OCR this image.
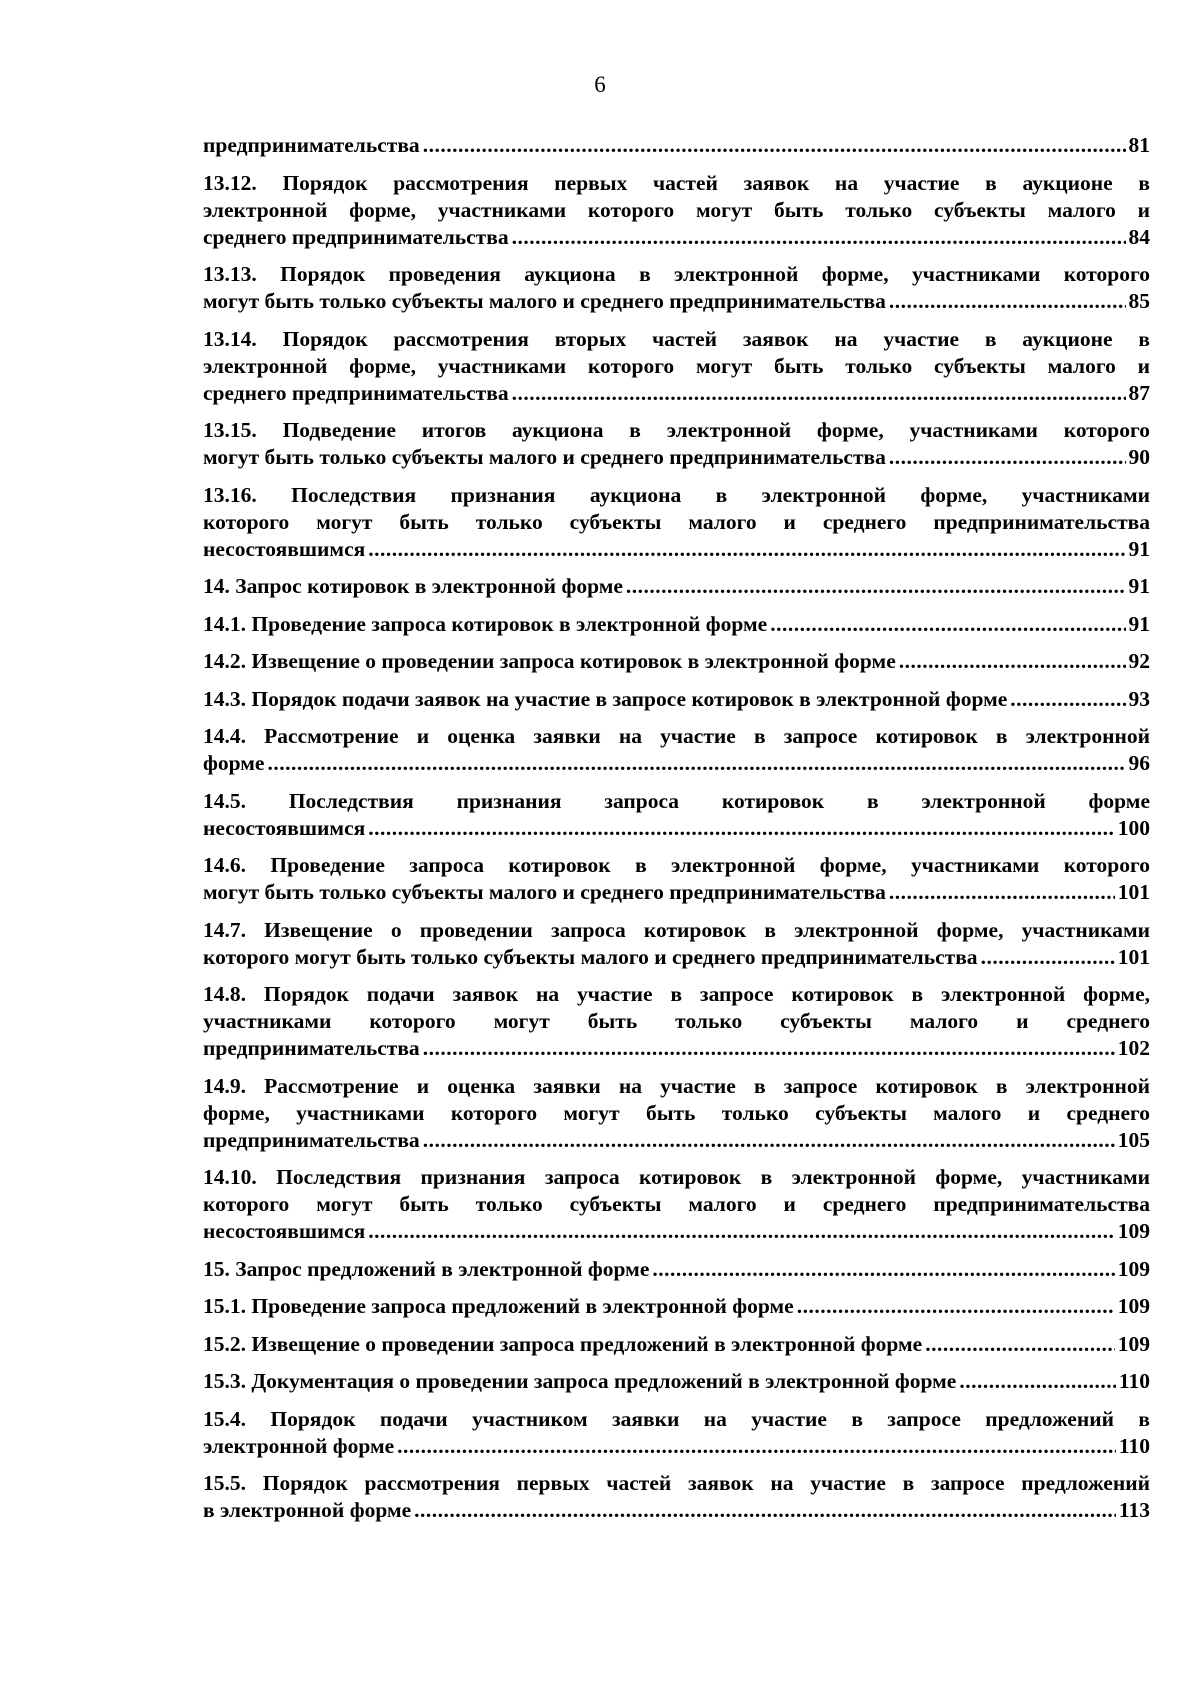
6
предпринимательства .....	81
13.12. Порядок рассмотрения первых частей заявок на участие в аукционе в
электронной форме, участниками которого могут быть только субъекты малого и
среднего предпринимательства .....	84
13.13. Порядок проведения аукциона в электронной форме, участниками которого
могут быть только субъекты малого и среднего предпринимательства .....	85
13.14. Порядок рассмотрения вторых частей заявок на участие в аукционе в
электронной форме, участниками которого могут быть только субъекты малого и
среднего предпринимательства .....	87
13.15. Подведение итогов аукциона в электронной форме, участниками которого
могут быть только субъекты малого и среднего предпринимательства .....	90
13.16. Последствия признания аукциона в электронной форме, участниками
которого могут быть только субъекты малого и среднего предпринимательства
несостоявшимся .....	91
14. Запрос котировок в электронной форме .....	91
14.1. Проведение запроса котировок в электронной форме .....	91
14.2. Извещение о проведении запроса котировок в электронной форме .....	92
14.3. Порядок подачи заявок на участие в запросе котировок в электронной форме .....	93
14.4. Рассмотрение и оценка заявки на участие в запросе котировок в электронной
форме .....	96
14.5. Последствия признания запроса котировок в электронной форме
несостоявшимся .....	100
14.6. Проведение запроса котировок в электронной форме, участниками которого
могут быть только субъекты малого и среднего предпринимательства .....	101
14.7. Извещение о проведении запроса котировок в электронной форме, участниками
которого могут быть только субъекты малого и среднего предпринимательства .....	101
14.8. Порядок подачи заявок на участие в запросе котировок в электронной форме,
участниками которого могут быть только субъекты малого и среднего
предпринимательства .....	102
14.9. Рассмотрение и оценка заявки на участие в запросе котировок в электронной
форме, участниками которого могут быть только субъекты малого и среднего
предпринимательства .....	105
14.10. Последствия признания запроса котировок в электронной форме, участниками
которого могут быть только субъекты малого и среднего предпринимательства
несостоявшимся .....	109
15. Запрос предложений в электронной форме .....	109
15.1. Проведение запроса предложений в электронной форме .....	109
15.2. Извещение о проведении запроса предложений в электронной форме .....	109
15.3. Документация о проведении запроса предложений в электронной форме .....	110
15.4. Порядок подачи участником заявки на участие в запросе предложений в
электронной форме .....	110
15.5. Порядок рассмотрения первых частей заявок на участие в запросе предложений
в электронной форме .....	113
